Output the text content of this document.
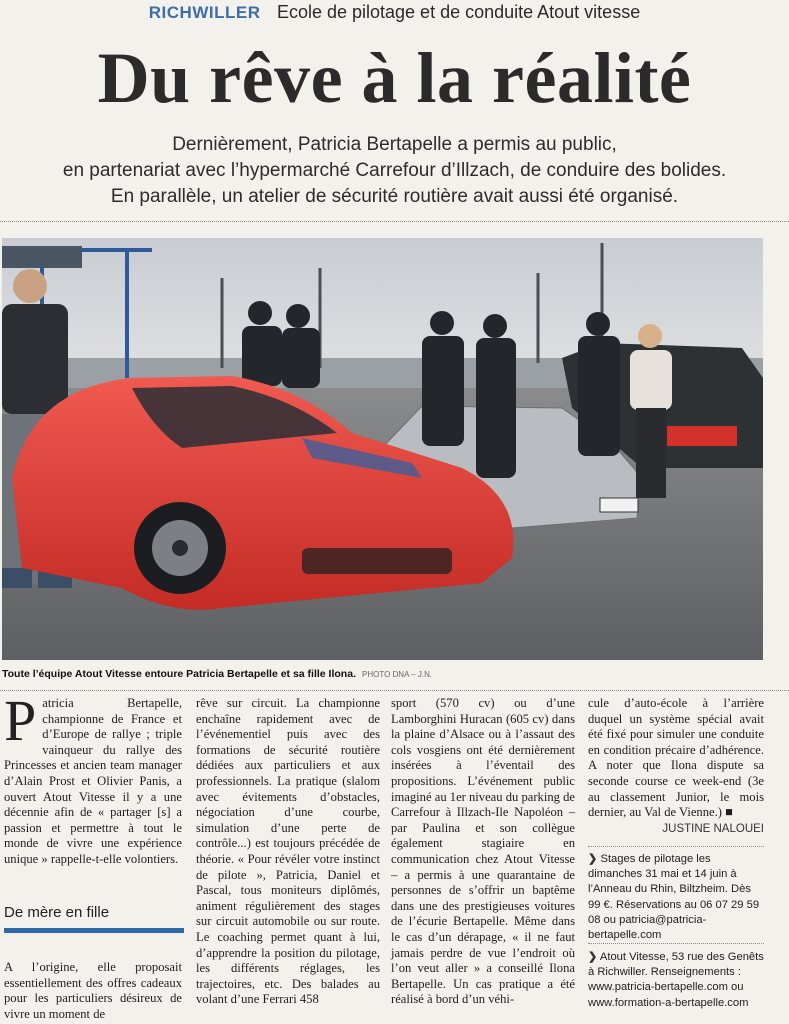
RICHWILLER Ecole de pilotage et de conduite Atout vitesse
Du rêve à la réalité
Dernièrement, Patricia Bertapelle a permis au public,
en partenariat avec l’hypermarché Carrefour d’Illzach, de conduire des bolides.
En parallèle, un atelier de sécurité routière avait aussi été organisé.
Toute l’équipe Atout Vitesse entoure Patricia Bertapelle et sa fille Ilona. PHOTO DNA – J.N.

Patricia Bertapelle, championne de France et d’Europe de rallye ; triple vainqueur du rallye des Princesses et ancien team manager d’Alain Prost et Olivier Panis, a ouvert Atout Vitesse il y a une décennie afin de « partager [s] a passion et permettre à tout le monde de vivre une expérience unique » rappelle-t-elle volontiers.

De mère en fille

A l’origine, elle proposait essentiellement des offres cadeaux pour les particuliers désireux de vivre un moment de

rêve sur circuit. La championne enchaîne rapidement avec de l’événementiel puis avec des formations de sécurité routière dédiées aux particuliers et aux professionnels. La pratique (slalom avec évitements d’obstacles, négociation d’une courbe, simulation d’une perte de contrôle...) est toujours précédée de théorie. « Pour révéler votre instinct de pilote », Patricia, Daniel et Pascal, tous moniteurs diplômés, animent régulièrement des stages sur circuit automobile ou sur route. Le coaching permet quant à lui, d’apprendre la position du pilotage, les différents réglages, les trajectoires, etc. Des balades au volant d’une Ferrari 458

sport (570 cv) ou d’une Lamborghini Huracan (605 cv) dans la plaine d’Alsace ou à l’assaut des cols vosgiens ont été dernièrement insérées à l’éventail des propositions. L’événement public imaginé au 1er niveau du parking de Carrefour à Illzach-Ile Napoléon – par Paulina et son collègue également stagiaire en communication chez Atout Vitesse – a permis à une quarantaine de personnes de s’offrir un baptême dans une des prestigieuses voitures de l’écurie Bertapelle. Même dans le cas d’un dérapage, « il ne faut jamais perdre de vue l’endroit où l’on veut aller » a conseillé Ilona Bertapelle. Un cas pratique a été réalisé à bord d’un véhi-

cule d’auto-école à l’arrière duquel un système spécial avait été fixé pour simuler une conduite en condition précaire d’adhérence. A noter que Ilona dispute sa seconde course ce week-end (3e au classement Junior, le mois dernier, au Val de Vienne.) ■

JUSTINE NALOUEI
❯ Stages de pilotage les dimanches 31 mai et 14 juin à l’Anneau du Rhin, Biltzheim. Dès 99 €. Réservations au 06 07 29 59 08 ou patricia@patricia-bertapelle.com
❯ Atout Vitesse, 53 rue des Genêts à Richwiller. Renseignements : www.patricia-bertapelle.com ou www.formation-a-bertapelle.com
